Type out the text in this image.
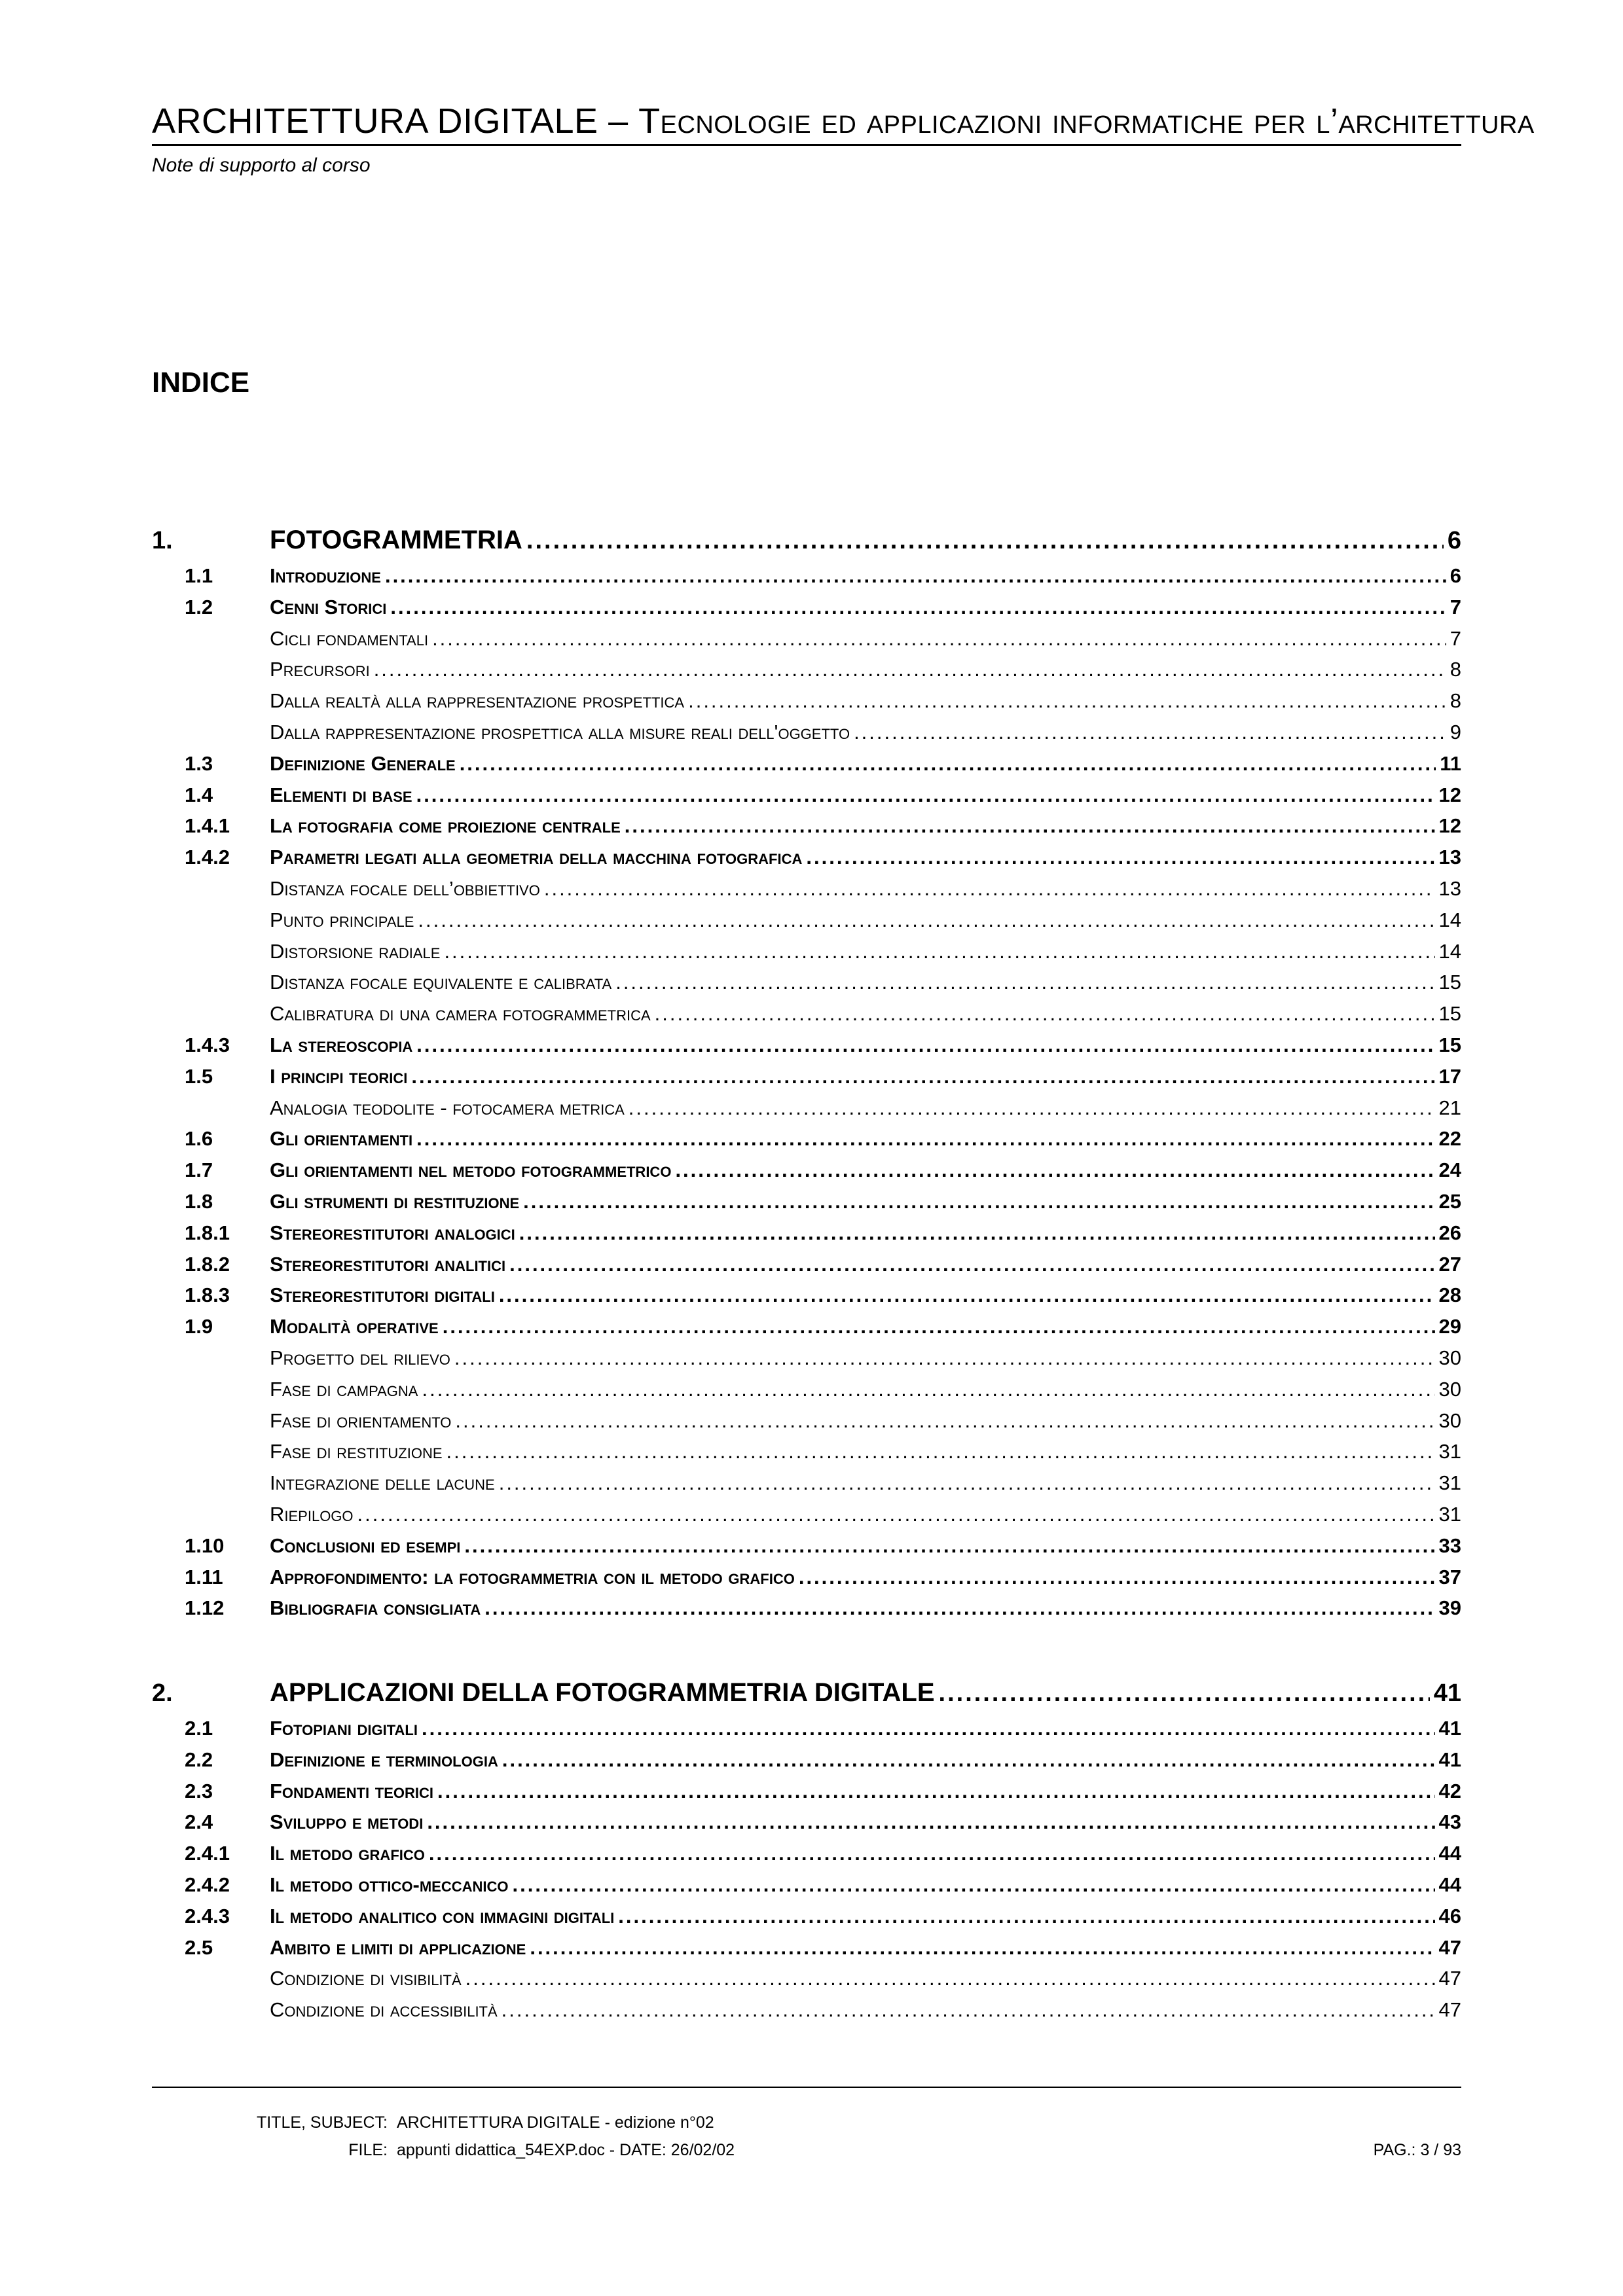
ARCHITETTURA DIGITALE – Tecnologie ed applicazioni informatiche per l’architettura
Note di supporto al corso
INDICE
1.	FOTOGRAMMETRIA .....	6
1.1	Introduzione .....	6
1.2	Cenni Storici .....	7
Cicli fondamentali .....	7
Precursori .....	8
Dalla realtà alla rappresentazione prospettica .....	8
Dalla rappresentazione prospettica alla misure reali dell'oggetto .....	9
1.3	Definizione Generale .....	11
1.4	Elementi di base .....	12
1.4.1	La fotografia come proiezione centrale .....	12
1.4.2	Parametri legati alla geometria della macchina fotografica .....	13
Distanza focale dell’obbiettivo .....	13
Punto principale .....	14
Distorsione radiale .....	14
Distanza focale equivalente e calibrata .....	15
Calibratura di una camera fotogrammetrica .....	15
1.4.3	La stereoscopia .....	15
1.5	I principi teorici .....	17
Analogia teodolite - fotocamera metrica .....	21
1.6	Gli orientamenti .....	22
1.7	Gli orientamenti nel metodo fotogrammetrico .....	24
1.8	Gli strumenti di restituzione .....	25
1.8.1	Stereorestitutori analogici .....	26
1.8.2	Stereorestitutori analitici .....	27
1.8.3	Stereorestitutori digitali .....	28
1.9	Modalità operative .....	29
Progetto del rilievo .....	30
Fase di campagna .....	30
Fase di orientamento .....	30
Fase di restituzione .....	31
Integrazione delle lacune .....	31
Riepilogo .....	31
1.10	Conclusioni ed esempi .....	33
1.11	Approfondimento: la fotogrammetria con il metodo grafico .....	37
1.12	Bibliografia consigliata .....	39
2.	APPLICAZIONI DELLA FOTOGRAMMETRIA DIGITALE .....	41
2.1	Fotopiani digitali .....	41
2.2	Definizione e terminologia .....	41
2.3	Fondamenti teorici .....	42
2.4	Sviluppo e metodi .....	43
2.4.1	Il metodo grafico .....	44
2.4.2	Il metodo ottico-meccanico .....	44
2.4.3	Il metodo analitico con immagini digitali .....	46
2.5	Ambito e limiti di applicazione .....	47
Condizione di visibilità .....	47
Condizione di accessibilità .....	47
TITLE, SUBJECT: ARCHITETTURA DIGITALE - edizione n°02
FILE: appunti didattica_54EXP.doc - DATE: 26/02/02	PAG.: 3 / 93
